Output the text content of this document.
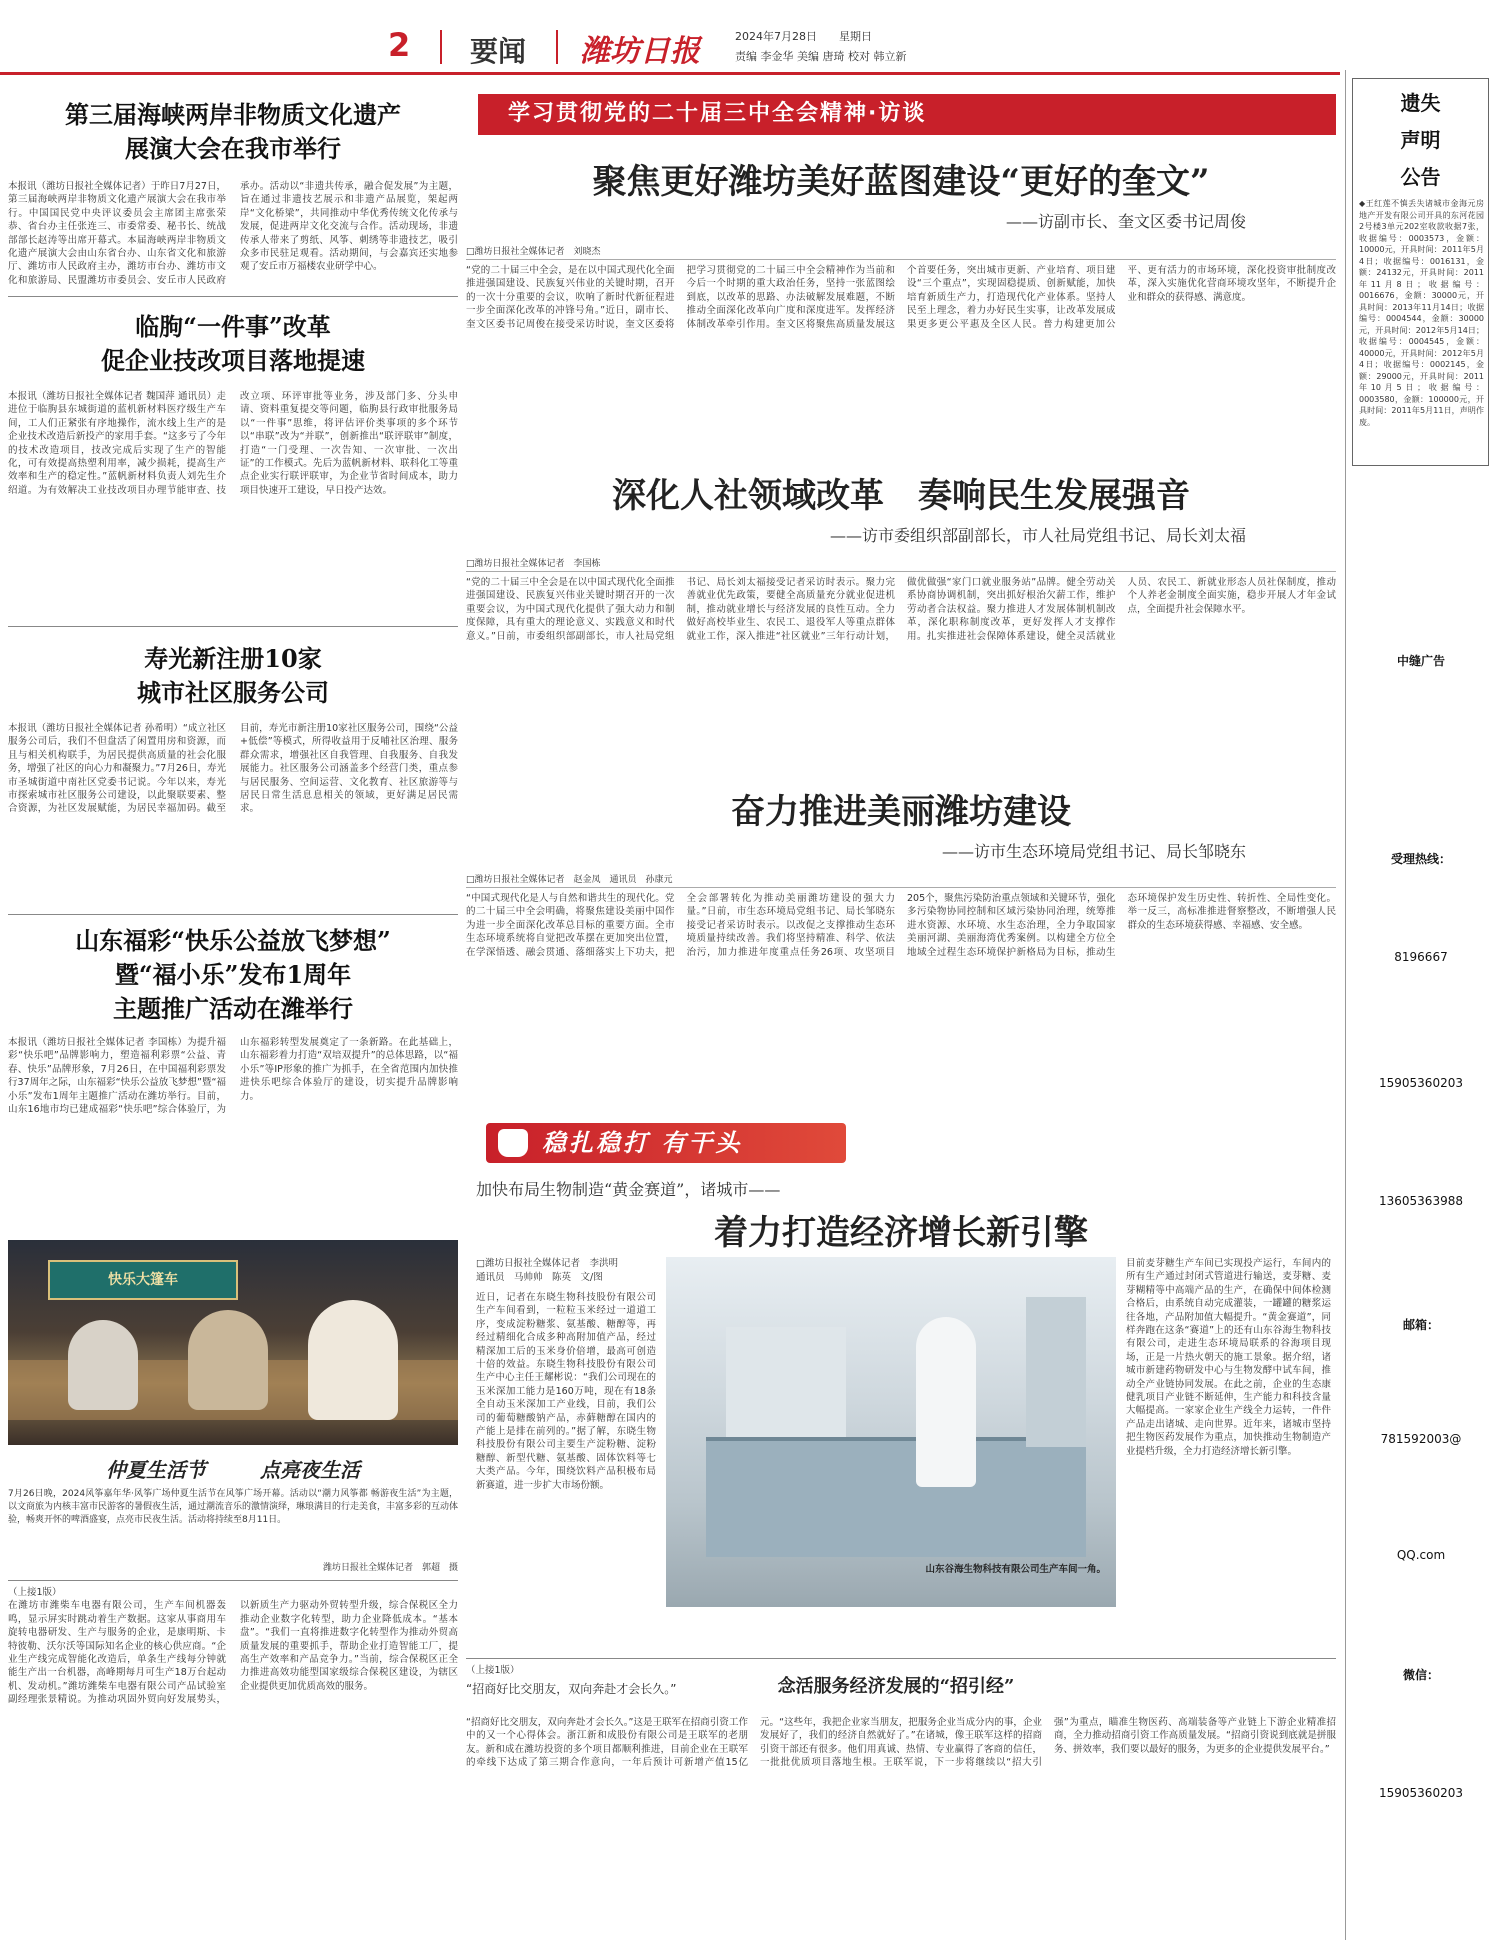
2 要闻 潍坊日报	2024年7月28日　　星期日
责编 李金华 美编 唐琦 校对 韩立新
第三届海峡两岸非物质文化遗产
展演大会在我市举行
本报讯（潍坊日报社全媒体记者）于昨日7月27日，第三届海峡两岸非物质文化遗产展演大会在我市举行。中国国民党中央评议委员会主席团主席张荣恭、省台办主任张连三、市委常委、秘书长、统战部部长赵涛等出席开幕式。本届海峡两岸非物质文化遗产展演大会由山东省台办、山东省文化和旅游厅、潍坊市人民政府主办，潍坊市台办、潍坊市文化和旅游局、民盟潍坊市委员会、安丘市人民政府承办。活动以“非遗共传承，融合促发展”为主题，旨在通过非遗技艺展示和非遗产品展览，架起两岸“文化桥梁”，共同推动中华优秀传统文化传承与发展，促进两岸文化交流与合作。活动现场，非遗传承人带来了剪纸、风筝、刺绣等非遗技艺，吸引众多市民驻足观看。活动期间，与会嘉宾还实地参观了安丘市万福楼农业研学中心。
临朐“一件事”改革
促企业技改项目落地提速
本报讯（潍坊日报社全媒体记者 魏国萍 通讯员）走进位于临朐县东城街道的蓝机新材料医疗级生产车间，工人们正紧张有序地操作，流水线上生产的是企业技术改造后新投产的家用手套。“这多亏了今年的技术改造项目，技改完成后实现了生产的智能化，可有效提高热塑利用率，减少损耗，提高生产效率和生产的稳定性。”蓝帆新材料负责人刘先生介绍道。为有效解决工业技改项目办理节能审查、技改立项、环评审批等业务，涉及部门多、分头申请、资料重复提交等问题，临朐县行政审批服务局以“一件事”思维，将评估评价类事项的多个环节以“串联”改为“并联”，创新推出“联评联审”制度，打造“一门受理、一次告知、一次审批、一次出证”的工作模式。先后为蓝帆新材料、联科化工等重点企业实行联评联审，为企业节省时间成本，助力项目快速开工建设，早日投产达效。
寿光新注册10家
城市社区服务公司
本报讯（潍坊日报社全媒体记者 孙希明）“成立社区服务公司后，我们不但盘活了闲置用房和资源，而且与相关机构联手，为居民提供高质量的社会化服务，增强了社区的向心力和凝聚力。”7月26日，寿光市圣城街道中南社区党委书记说。今年以来，寿光市探索城市社区服务公司建设，以此聚联要素、整合资源，为社区发展赋能，为居民幸福加码。截至目前，寿光市新注册10家社区服务公司，围绕“公益+低偿”等模式，所得收益用于反哺社区治理、服务群众需求，增强社区自我管理、自我服务、自我发展能力。社区服务公司涵盖多个经营门类，重点参与居民服务、空间运营、文化教育、社区旅游等与居民日常生活息息相关的领域，更好满足居民需求。
山东福彩“快乐公益放飞梦想”
暨“福小乐”发布1周年
主题推广活动在潍举行
本报讯（潍坊日报社全媒体记者 李国栋）为提升福彩“快乐吧”品牌影响力，塑造福利彩票“公益、青春、快乐”品牌形象，7月26日，在中国福利彩票发行37周年之际，山东福彩“快乐公益放飞梦想”暨“福小乐”发布1周年主题推广活动在潍坊举行。目前，山东16地市均已建成福彩“快乐吧”综合体验厅，为山东福彩转型发展奠定了一条新路。在此基础上，山东福彩着力打造“双培双提升”的总体思路，以“福小乐”等IP形象的推广为抓手，在全省范围内加快推进快乐吧综合体验厅的建设，切实提升品牌影响力。
快乐大篷车
仲夏生活节	点亮夜生活
7月26日晚，2024风筝嘉年华·风筝广场仲夏生活节在风筝广场开幕。活动以“潮力风筝都 畅游夜生活”为主题，以文商旅为内核丰富市民游客的暑假夜生活，通过潮流音乐的激情演绎，琳琅满目的行走美食，丰富多彩的互动体验，畅爽开怀的啤酒盛宴，点亮市民夜生活。活动将持续至8月11日。
潍坊日报社全媒体记者　郭超　摄
（上接1版）
在潍坊市潍柴车电器有限公司，生产车间机器轰鸣，显示屏实时跳动着生产数据。这家从事商用车旋转电器研发、生产与服务的企业，是康明斯、卡特彼勒、沃尔沃等国际知名企业的核心供应商。“企业生产线完成智能化改造后，单条生产线每分钟就能生产出一台机器，高峰期每月可生产18万台起动机、发动机。”潍坊潍柴车电器有限公司产品试验室副经理张景精说。为推动巩固外贸向好发展势头，以新质生产力驱动外贸转型升级，综合保税区全力推动企业数字化转型，助力企业降低成本。“基本盘”。“我们一直将推进数字化转型作为推动外贸高质量发展的重要抓手，帮助企业打造智能工厂，提高生产效率和产品竞争力。”当前，综合保税区正全力推进高效功能型国家级综合保税区建设，为辖区企业提供更加优质高效的服务。
学习贯彻党的二十届三中全会精神·访谈
聚焦更好潍坊美好蓝图建设“更好的奎文”
——访副市长、奎文区委书记周俊
□潍坊日报社全媒体记者　刘晓杰
“党的二十届三中全会，是在以中国式现代化全面推进强国建设、民族复兴伟业的关键时期，召开的一次十分重要的会议，吹响了新时代新征程进一步全面深化改革的冲锋号角。”近日，副市长、奎文区委书记周俊在接受采访时说，奎文区委将把学习贯彻党的二十届三中全会精神作为当前和今后一个时期的重大政治任务，坚持一张蓝图绘到底，以改革的思路、办法破解发展难题，不断推动全面深化改革向广度和深度进军。发挥经济体制改革牵引作用。奎文区将聚焦高质量发展这个首要任务，突出城市更新、产业培育、项目建设“三个重点”，实现固稳提质、创新赋能，加快培育新质生产力，打造现代化产业体系。坚持人民至上理念，着力办好民生实事，让改革发展成果更多更公平惠及全区人民。普力构建更加公平、更有活力的市场环境，深化投资审批制度改革，深入实施优化营商环境攻坚年，不断提升企业和群众的获得感、满意度。
深化人社领域改革　奏响民生发展强音
——访市委组织部副部长，市人社局党组书记、局长刘太福
□潍坊日报社全媒体记者　李国栋
“党的二十届三中全会是在以中国式现代化全面推进强国建设、民族复兴伟业关键时期召开的一次重要会议，为中国式现代化提供了强大动力和制度保障，具有重大的理论意义、实践意义和时代意义。”日前，市委组织部副部长，市人社局党组书记、局长刘太福接受记者采访时表示。聚力完善就业优先政策，要健全高质量充分就业促进机制，推动就业增长与经济发展的良性互动。全力做好高校毕业生、农民工、退役军人等重点群体就业工作，深入推进“社区就业”三年行动计划，做优做强“家门口就业服务站”品牌。健全劳动关系协商协调机制，突出抓好根治欠薪工作，维护劳动者合法权益。聚力推进人才发展体制机制改革，深化职称制度改革，更好发挥人才支撑作用。扎实推进社会保障体系建设，健全灵活就业人员、农民工、新就业形态人员社保制度，推动个人养老金制度全面实施，稳步开展人才年金试点，全面提升社会保障水平。
奋力推进美丽潍坊建设
——访市生态环境局党组书记、局长邹晓东
□潍坊日报社全媒体记者　赵金凤　通讯员　孙康元
“中国式现代化是人与自然和谐共生的现代化。党的二十届三中全会明确，将聚焦建设美丽中国作为进一步全面深化改革总目标的重要方面。全市生态环境系统将自觉把改革摆在更加突出位置，在学深悟透、融会贯通、落细落实上下功夫，把全会部署转化为推动美丽潍坊建设的强大力量。”日前，市生态环境局党组书记、局长邹晓东接受记者采访时表示。以改促之支撑推动生态环境质量持续改善。我们将坚持精准、科学、依法治污，加力推进年度重点任务26项、攻坚项目205个，聚焦污染防治重点领域和关键环节，强化多污染物协同控制和区域污染协同治理，统筹推进水资源、水环境、水生态治理，全力争取国家美丽河湖、美丽海湾优秀案例。以构建全方位全地域全过程生态环境保护新格局为目标，推动生态环境保护发生历史性、转折性、全局性变化。举一反三，高标准推进督察整改，不断增强人民群众的生态环境获得感、幸福感、安全感。
稳扎稳打 有干头
加快布局生物制造“黄金赛道”，诸城市——
着力打造经济增长新引擎
□潍坊日报社全媒体记者　李洪明
通讯员　马帅帅　陈英　文/图
近日，记者在东晓生物科技股份有限公司生产车间看到，一粒粒玉米经过一道道工序，变成淀粉糖浆、氨基酸、糖醇等，再经过精细化合成多种高附加值产品，经过精深加工后的玉米身价倍增，最高可创造十倍的效益。东晓生物科技股份有限公司生产中心主任王耀彬说：“我们公司现在的玉米深加工能力是160万吨，现在有18条全自动玉米深加工产业线，目前，我们公司的葡萄糖酸钠产品，赤藓糖醇在国内的产能上是排在前列的。”据了解，东晓生物科技股份有限公司主要生产淀粉糖、淀粉糖醇、新型代糖、氨基酸、固体饮料等七大类产品。今年，围绕饮料产品积极布局新赛道，进一步扩大市场份额。
山东谷海生物科技有限公司生产车间一角。
目前麦芽糖生产车间已实现投产运行，车间内的所有生产通过封闭式管道进行输送，麦芽糖、麦芽糊精等中高端产品的生产，在确保中间体检测合格后，由系统自动完成灌装，一罐罐的糖浆运往各地，产品附加值大幅提升。“黄金赛道”，同样奔跑在这条“赛道”上的还有山东谷海生物科技有限公司，走进生态环境局联系的谷海项目现场，正是一片热火朝天的施工景象。据介绍，诸城市新建药物研发中心与生物发酵中试车间，推动全产业链协同发展。在此之前，企业的生态康健乳项目产业链不断延伸，生产能力和科技含量大幅提高。一家家企业生产线全力运转，一件件产品走出诸城、走向世界。近年来，诸城市坚持把生物医药发展作为重点，加快推动生物制造产业提档升级，全力打造经济增长新引擎。
（上接1版）
“招商好比交朋友，双向奔赴才会长久。”	念活服务经济发展的“招引经”
“招商好比交朋友，双向奔赴才会长久。”这是王联军在招商引资工作中的又一个心得体会。浙江新和成股份有限公司是王联军的老朋友。新和成在潍坊投资的多个项目都顺利推进，目前企业在王联军的牵线下达成了第三期合作意向，一年后预计可新增产值15亿元。“这些年，我把企业家当朋友，把服务企业当成分内的事，企业发展好了，我们的经济自然就好了。”在诸城，像王联军这样的招商引资干部还有很多。他们用真诚、热情、专业赢得了客商的信任，一批批优质项目落地生根。王联军说，下一步将继续以“招大引强”为重点，瞄准生物医药、高端装备等产业链上下游企业精准招商，全力推动招商引资工作高质量发展。“招商引资说到底就是拼服务、拼效率，我们要以最好的服务，为更多的企业提供发展平台。”
遗失
声明
公告
◆王红莲不慎丢失诸城市金海元房地产开发有限公司开具的东河花园2号楼3单元202室收款收据7张，收据编号：0003573，金额：10000元，开具时间：2011年5月4日；收据编号：0016131，金额：24132元，开具时间：2011年11月8日；收据编号：0016676，金额：30000元，开具时间：2013年11月14日；收据编号：0004544，金额：30000元，开具时间：2012年5月14日；收据编号：0004545，金额：40000元，开具时间：2012年5月4日；收据编号：0002145，金额：29000元，开具时间：2011年10月5日；收据编号：0003580，金额：100000元，开具时间：2011年5月11日，声明作废。
中缝广告
受理热线：
8196667
15905360203
13605363988
邮箱：
781592003@
QQ.com
微信：
15905360203
